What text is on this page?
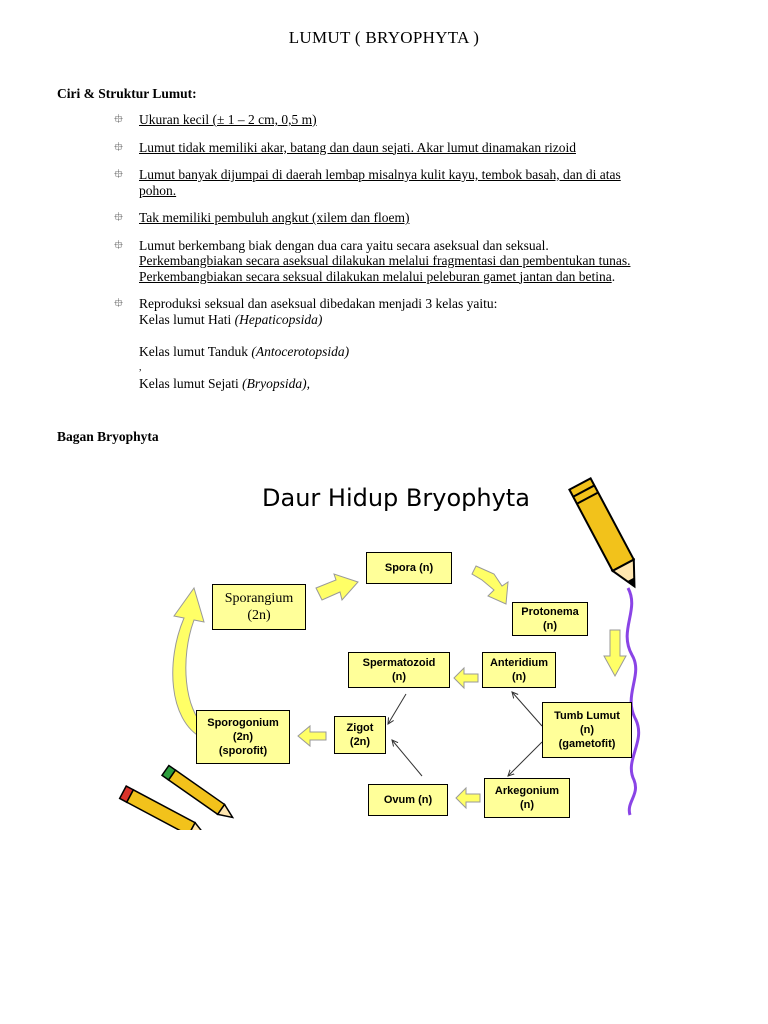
LUMUT ( BRYOPHYTA )
Ciri & Struktur Lumut:
⯐ Ukuran kecil (± 1 – 2 cm, 0,5 m)
⯐ Lumut tidak memiliki akar, batang dan daun sejati. Akar lumut dinamakan rizoid
⯐ Lumut banyak dijumpai di daerah lembap misalnya kulit kayu, tembok basah, dan di atas
pohon.
⯐ Tak memiliki pembuluh angkut (xilem dan floem)
⯐ Lumut berkembang biak dengan dua cara yaitu secara aseksual dan seksual.
Perkembangbiakan secara aseksual dilakukan melalui fragmentasi dan pembentukan tunas.
Perkembangbiakan secara seksual dilakukan melalui peleburan gamet jantan dan betina.
⯐ Reproduksi seksual dan aseksual dibedakan menjadi 3 kelas yaitu:
Kelas lumut Hati (Hepaticopsida)
Kelas lumut Tanduk (Antocerotopsida)
,
Kelas lumut Sejati (Bryopsida),
Bagan Bryophyta
Daur Hidup Bryophyta
Sporangium
(2n)
Spora (n)
Protonema
(n)
Spermatozoid
(n)
Anteridium
(n)
Sporogonium
(2n)
(sporofit)
Zigot
(2n)
Tumb Lumut
(n)
(gametofit)
Ovum (n)
Arkegonium
(n)
